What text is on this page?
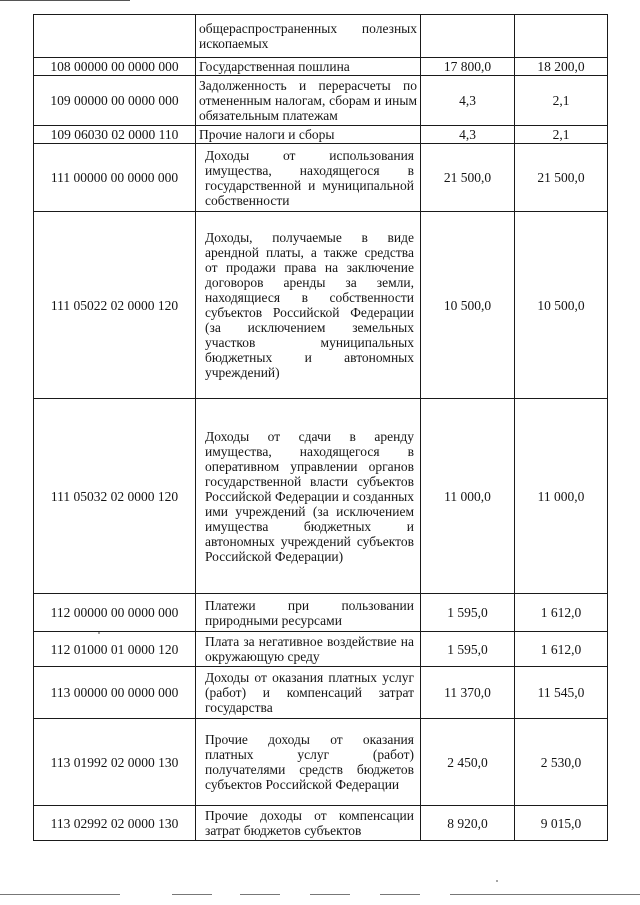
	общераспространенных полезных ископаемых		
108 00000 00 0000 000	Государственная пошлина	17 800,0	18 200,0
109 00000 00 0000 000	Задолженность и перерасчеты по отмененным налогам, сборам и иным обязательным платежам	4,3	2,1
109 06030 02 0000 110	Прочие налоги и сборы	4,3	2,1
111 00000 00 0000 000	Доходы от использования имущества, находящегося в государственной и муниципальной собственности	21 500,0	21 500,0
111 05022 02 0000 120	Доходы, получаемые в виде арендной платы, а также средства от продажи права на заключение договоров аренды за земли, находящиеся в собственности субъектов Российской Федерации (за исключением земельных участков муниципальных бюджетных и автономных учреждений)	10 500,0	10 500,0
111 05032 02 0000 120	Доходы от сдачи в аренду имущества, находящегося в оперативном управлении органов государственной власти субъектов Российской Федерации и созданных ими учреждений (за исключением имущества бюджетных и автономных учреждений субъектов Российской Федерации)	11 000,0	11 000,0
112 00000 00 0000 000	Платежи при пользовании природными ресурсами	1 595,0	1 612,0
112 01000 01 0000 120	Плата за негативное воздействие на окружающую среду	1 595,0	1 612,0
113 00000 00 0000 000	Доходы от оказания платных услуг (работ) и компенсаций затрат государства	11 370,0	11 545,0
113 01992 02 0000 130	Прочие доходы от оказания платных услуг (работ) получателями средств бюджетов субъектов Российской Федерации	2 450,0	2 530,0
113 02992 02 0000 130	Прочие доходы от компенсации затрат бюджетов субъектов	8 920,0	9 015,0
